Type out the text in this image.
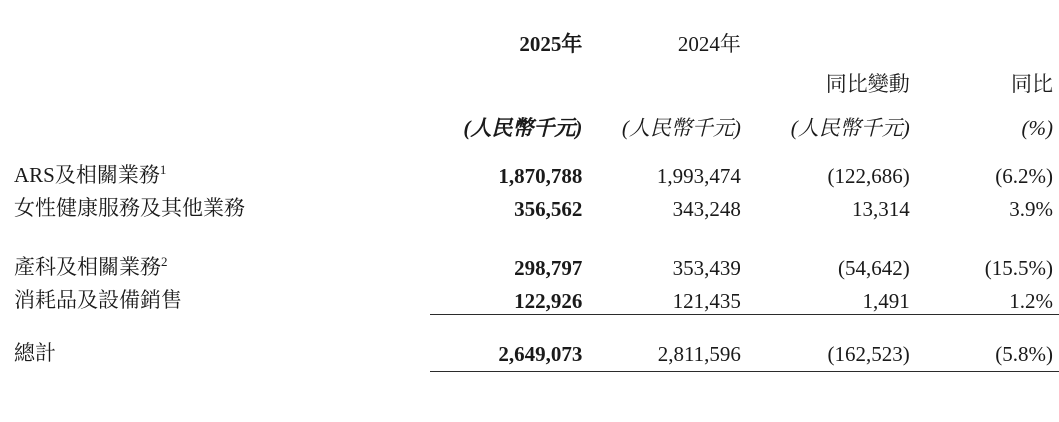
	2025年	2024年		
			同比變動	同比
	(人民幣千元)	(人民幣千元)	(人民幣千元)	(%)

ARS及相關業務$^1$	1,870,788	1,993,474	(122,686)	(6.2%)
女性健康服務及其他業務	356,562	343,248	13,314	3.9%

產科及相關業務$^2$	298,797	353,439	(54,642)	(15.5%)
消耗品及設備銷售	122,926	121,435	1,491	1.2%

總計	2,649,073	2,811,596	(162,523)	(5.8%)
